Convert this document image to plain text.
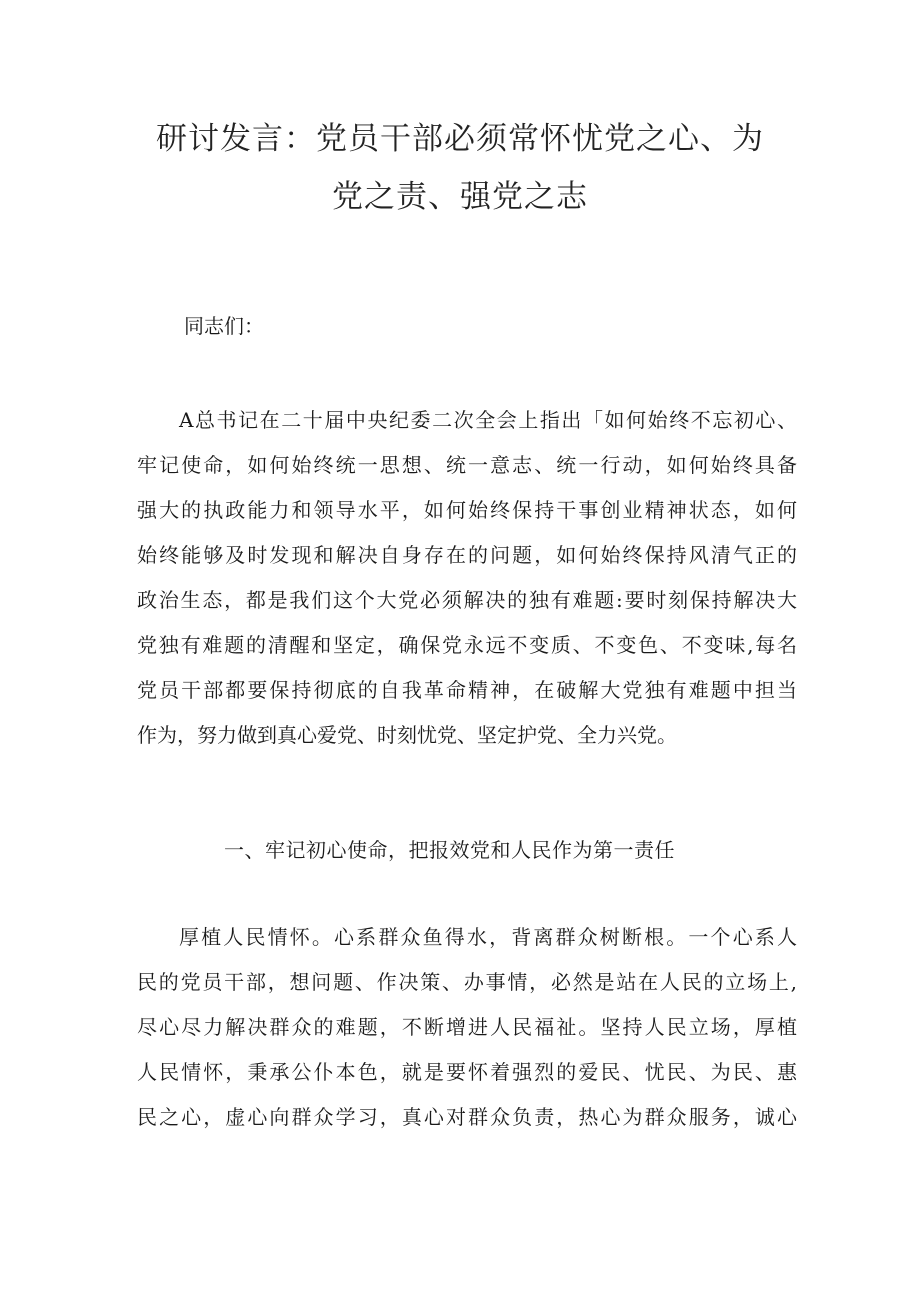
研讨发言：党员干部必须常怀忧党之心、为
党之责、强党之志

同志们：

A总书记在二十届中央纪委二次全会上指出「如何始终不忘初心、
牢记使命，如何始终统一思想、统一意志、统一行动，如何始终具备
强大的执政能力和领导水平，如何始终保持干事创业精神状态，如何
始终能够及时发现和解决自身存在的问题，如何始终保持风清气正的
政治生态，都是我们这个大党必须解决的独有难题:要时刻保持解决大
党独有难题的清醒和坚定，确保党永远不变质、不变色、不变味,每名
党员干部都要保持彻底的自我革命精神，在破解大党独有难题中担当
作为，努力做到真心爱党、时刻忧党、坚定护党、全力兴党。
一、牢记初心使命，把报效党和人民作为第一责任
厚植人民情怀。心系群众鱼得水，背离群众树断根。一个心系人
民的党员干部，想问题、作决策、办事情，必然是站在人民的立场上,
尽心尽力解决群众的难题，不断增进人民福祉。坚持人民立场，厚植
人民情怀，秉承公仆本色，就是要怀着强烈的爱民、忧民、为民、惠
民之心，虚心向群众学习，真心对群众负责，热心为群众服务，诚心
